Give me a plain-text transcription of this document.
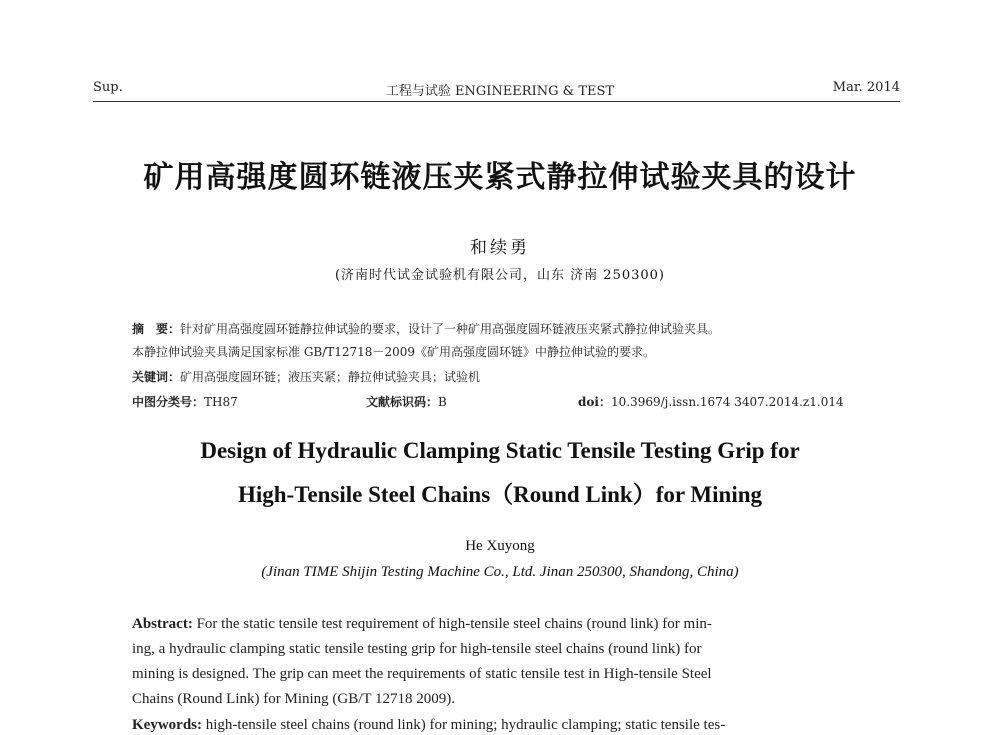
Sup.	工程与试验 ENGINEERING & TEST	Mar. 2014
矿用高强度圆环链液压夹紧式静拉伸试验夹具的设计
和续勇
(济南时代试金试验机有限公司，山东 济南 250300)
摘　要：针对矿用高强度圆环链静拉伸试验的要求，设计了一种矿用高强度圆环链液压夹紧式静拉伸试验夹具。
本静拉伸试验夹具满足国家标准 GB/T12718－2009《矿用高强度圆环链》中静拉伸试验的要求。
关键词：矿用高强度圆环链；液压夹紧；静拉伸试验夹具；试验机
中图分类号：TH87	文献标识码：B	doi：10.3969/j.issn.1674 3407.2014.z1.014
Design of Hydraulic Clamping Static Tensile Testing Grip for
High-Tensile Steel Chains（Round Link）for Mining
He Xuyong
(Jinan TIME Shijin Testing Machine Co., Ltd. Jinan 250300, Shandong, China)
Abstract: For the static tensile test requirement of high-tensile steel chains (round link) for min-
ing, a hydraulic clamping static tensile testing grip for high-tensile steel chains (round link) for
mining is designed. The grip can meet the requirements of static tensile test in High-tensile Steel
Chains (Round Link) for Mining (GB/T 12718 2009).
Keywords: high-tensile steel chains (round link) for mining; hydraulic clamping; static tensile tes-
